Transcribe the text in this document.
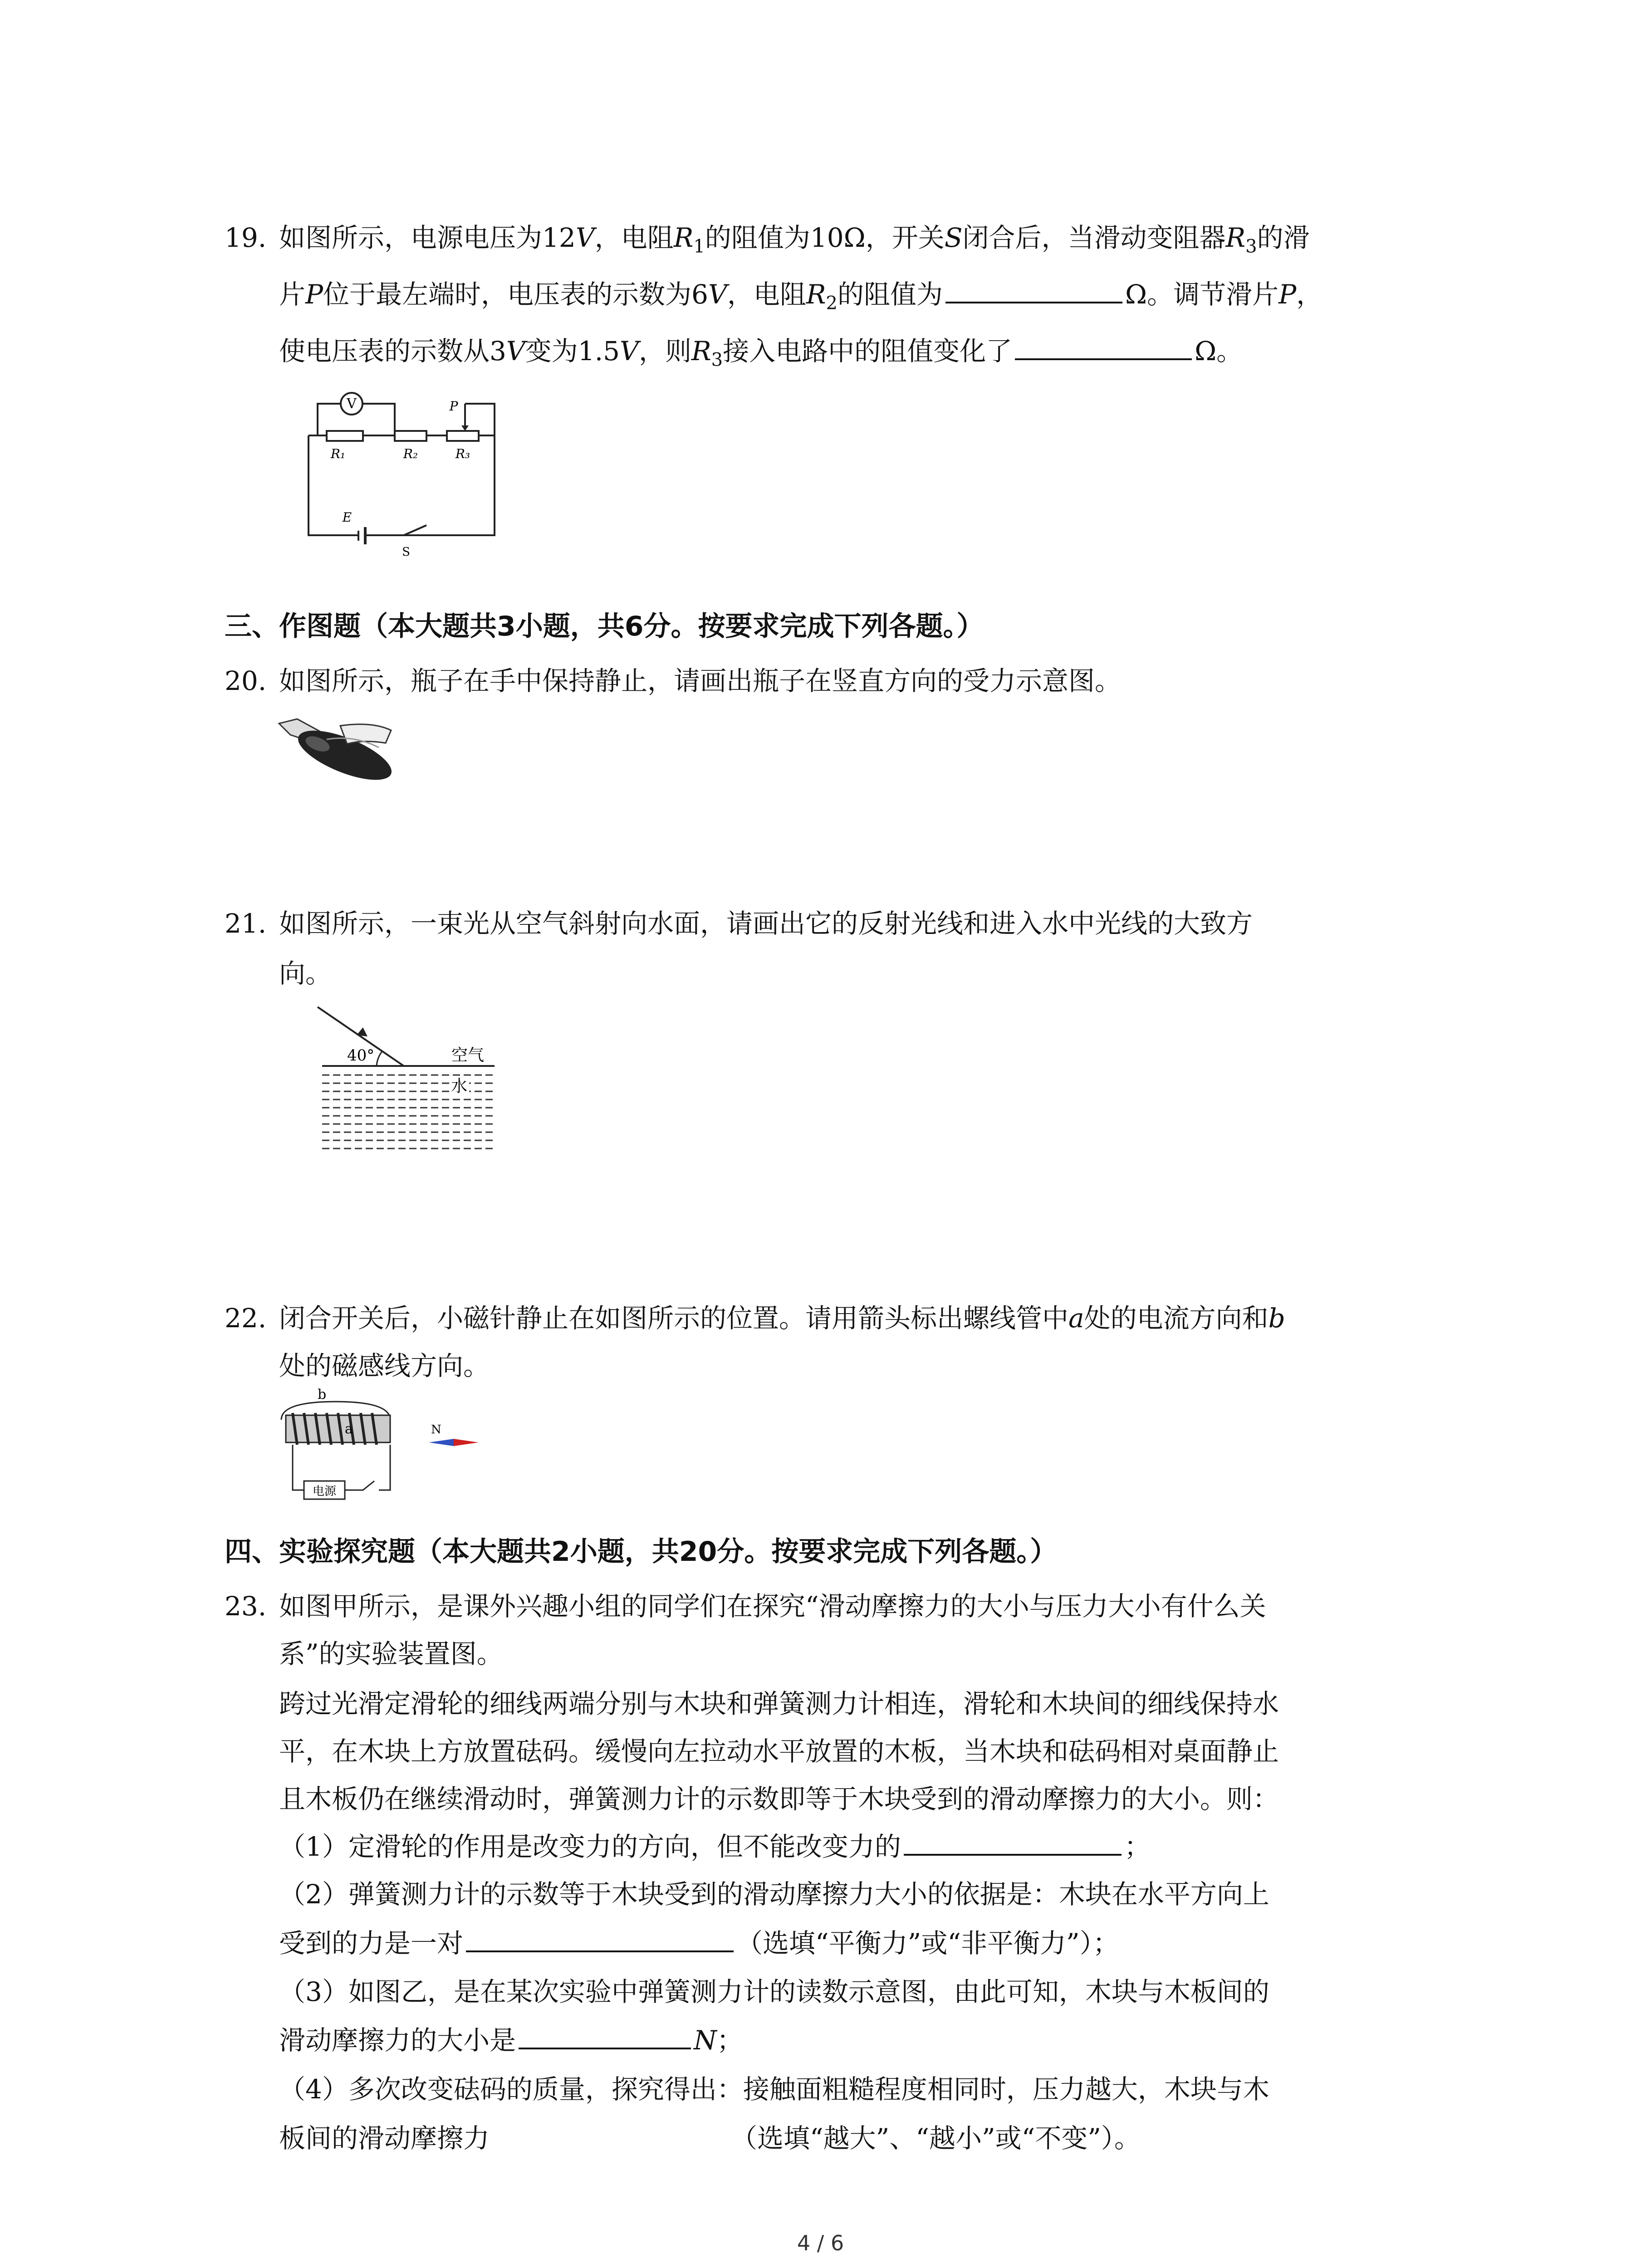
19. 如图所示，电源电压为12V，电阻$R_1$的阻值为10Ω，开关S闭合后，当滑动变阻器$R_3$的滑
片P位于最左端时，电压表的示数为6V，电阻$R_2$的阻值为	Ω。调节滑片P，
使电压表的示数从3V变为1.5V，则$R_3$接入电路中的阻值变化了	Ω。
V
R₁	R₂	R₃
P
E
S
三、作图题（本大题共3小题，共6分。按要求完成下列各题。）
20. 如图所示，瓶子在手中保持静止，请画出瓶子在竖直方向的受力示意图。
21. 如图所示，一束光从空气斜射向水面，请画出它的反射光线和进入水中光线的大致方
向。
40°	空气
水
22. 闭合开关后，小磁针静止在如图所示的位置。请用箭头标出螺线管中a处的电流方向和b
处的磁感线方向。
b
a
电源
N
四、实验探究题（本大题共2小题，共20分。按要求完成下列各题。）
23. 如图甲所示，是课外兴趣小组的同学们在探究“滑动摩擦力的大小与压力大小有什么关
系”的实验装置图。
跨过光滑定滑轮的细线两端分别与木块和弹簧测力计相连，滑轮和木块间的细线保持水
平，在木块上方放置砝码。缓慢向左拉动水平放置的木板，当木块和砝码相对桌面静止
且木板仍在继续滑动时，弹簧测力计的示数即等于木块受到的滑动摩擦力的大小。则：
（1）定滑轮的作用是改变力的方向，但不能改变力的	；
（2）弹簧测力计的示数等于木块受到的滑动摩擦力大小的依据是：木块在水平方向上
受到的力是一对	（选填“平衡力”或“非平衡力”）；
（3）如图乙，是在某次实验中弹簧测力计的读数示意图，由此可知，木块与木板间的
滑动摩擦力的大小是	N；
（4）多次改变砝码的质量，探究得出：接触面粗糙程度相同时，压力越大，木块与木
板间的滑动摩擦力	（选填“越大”、“越小”或“不变”）。
4 / 6
